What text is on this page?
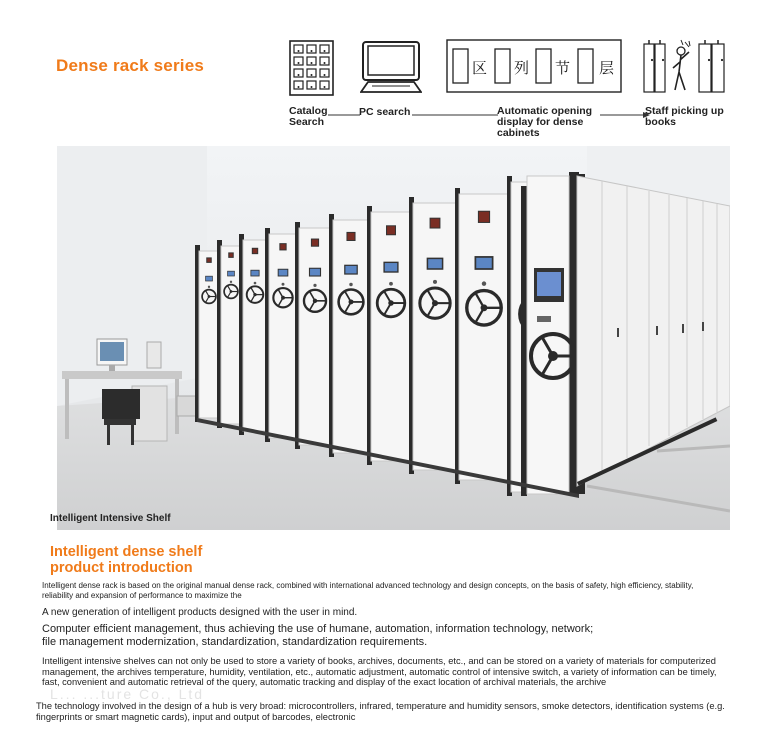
Dense rack series	区 列 节 层
Catalog
Search
PC search	Automatic opening
display for dense
cabinets
Staff picking up
books
Intelligent Intensive Shelf
Intelligent dense shelf
product introduction
Intelligent dense rack is based on the original manual dense rack, combined with international advanced technology and design concepts, on the basis of safety, high efficiency, stability, reliability and expansion of performance to maximize the
A new generation of intelligent products designed with the user in mind.
Computer efficient management, thus achieving the use of humane, automation, information technology, network; file management modernization, standardization, standardization requirements.
Intelligent intensive shelves can not only be used to store a variety of books, archives, documents, etc., and can be stored on a variety of materials for computerized management, the archives temperature, humidity, ventilation, etc., automatic adjustment, automatic control of intensive switch, a variety of information can be timely, fast, convenient and automatic retrieval of the query, automatic tracking and display of the exact location of archival materials, the archive
L... ...ture Co., Ltd
The technology involved in the design of a hub is very broad: microcontrollers, infrared, temperature and humidity sensors, smoke detectors, identification systems (e.g. fingerprints or smart magnetic cards), input and output of barcodes, electronic
